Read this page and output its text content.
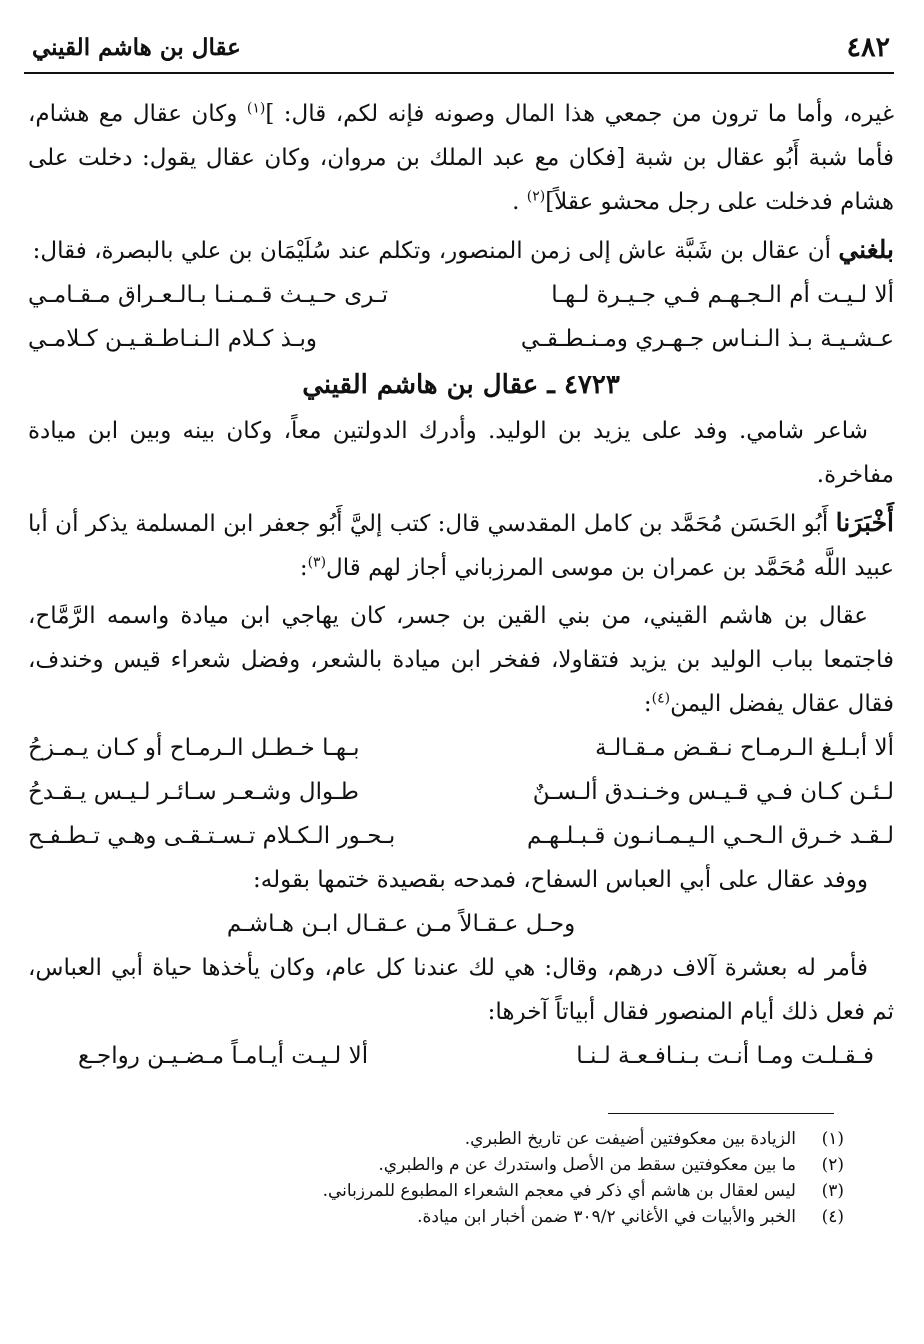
٤٨٢
عقال بن هاشم القيني

غيره، وأما ما ترون من جمعي هذا المال وصونه فإنه لكم، قال: ]$^{(١)}$ وكان عقال مع هشام، فأما شبة أَبُو عقال بن شبة [فكان مع عبد الملك بن مروان، وكان عقال يقول: دخلت على هشام فدخلت على رجل محشو عقلاً]$^{(٢)}$ .

بلغني أن عقال بن شَبَّة عاش إلى زمن المنصور، وتكلم عند سُلَيْمَان بن علي بالبصرة، فقال:

ألا لـيـت أم الـجـهـم فـي جـيـرة لـهـا
تـرى حـيـث قـمـنـا بـالـعـراق مـقـامـي
عـشـيـة بـذ الـنـاس جـهـري ومـنـطـقـي
وبـذ كـلام الـنـاطـقـيـن كـلامـي
٤٧٢٣ ـ عقال بن هاشم القيني

شاعر شامي. وفد على يزيد بن الوليد. وأدرك الدولتين معاً، وكان بينه وبين ابن ميادة مفاخرة.

أَخْبَرَنا أَبُو الحَسَن مُحَمَّد بن كامل المقدسي قال: كتب إليَّ أَبُو جعفر ابن المسلمة يذكر أن أبا عبيد اللَّه مُحَمَّد بن عمران بن موسى المرزباني أجاز لهم قال$^{(٣)}$:

عقال بن هاشم القيني، من بني القين بن جسر، كان يهاجي ابن ميادة واسمه الرَّمَّاح، فاجتمعا بباب الوليد بن يزيد فتقاولا، ففخر ابن ميادة بالشعر، وفضل شعراء قيس وخندف، فقال عقال يفضل اليمن$^{(٤)}$:

ألا أبـلـغ الـرمـاح نـقـض مـقـالـة
بـهـا خـطـل الـرمـاح أو كـان يـمـزحُ
لـئـن كـان فـي قـيـس وخـنـدق ألـسـنٌ
طـوال وشـعـر سـائـر لـيـس يـقـدحُ
لـقـد خـرق الـحـي الـيـمـانـون قـبـلـهـم
بـحـور الـكـلام تـسـتـقـى وهـي تـطـفـح

ووفد عقال على أبي العباس السفاح، فمدحه بقصيدة ختمها بقوله:

وحـل عـقـالاً مـن عـقـال ابـن هـاشـم

فأمر له بعشرة آلاف درهم، وقال: هي لك عندنا كل عام، وكان يأخذها حياة أبي العباس، ثم فعل ذلك أيام المنصور فقال أبياتاً آخرها:

فـقـلـت ومـا أنـت بـنـافـعـة لـنـا
ألا لـيـت أيـامـاً مـضـيـن رواجـع
(١)
الزيادة بين معكوفتين أضيفت عن تاريخ الطبري.
(٢)
ما بين معكوفتين سقط من الأصل واستدرك عن م والطبري.
(٣)
ليس لعقال بن هاشم أي ذكر في معجم الشعراء المطبوع للمرزباني.
(٤)
الخبر والأبيات في الأغاني ٣٠٩/٢ ضمن أخبار ابن ميادة.
